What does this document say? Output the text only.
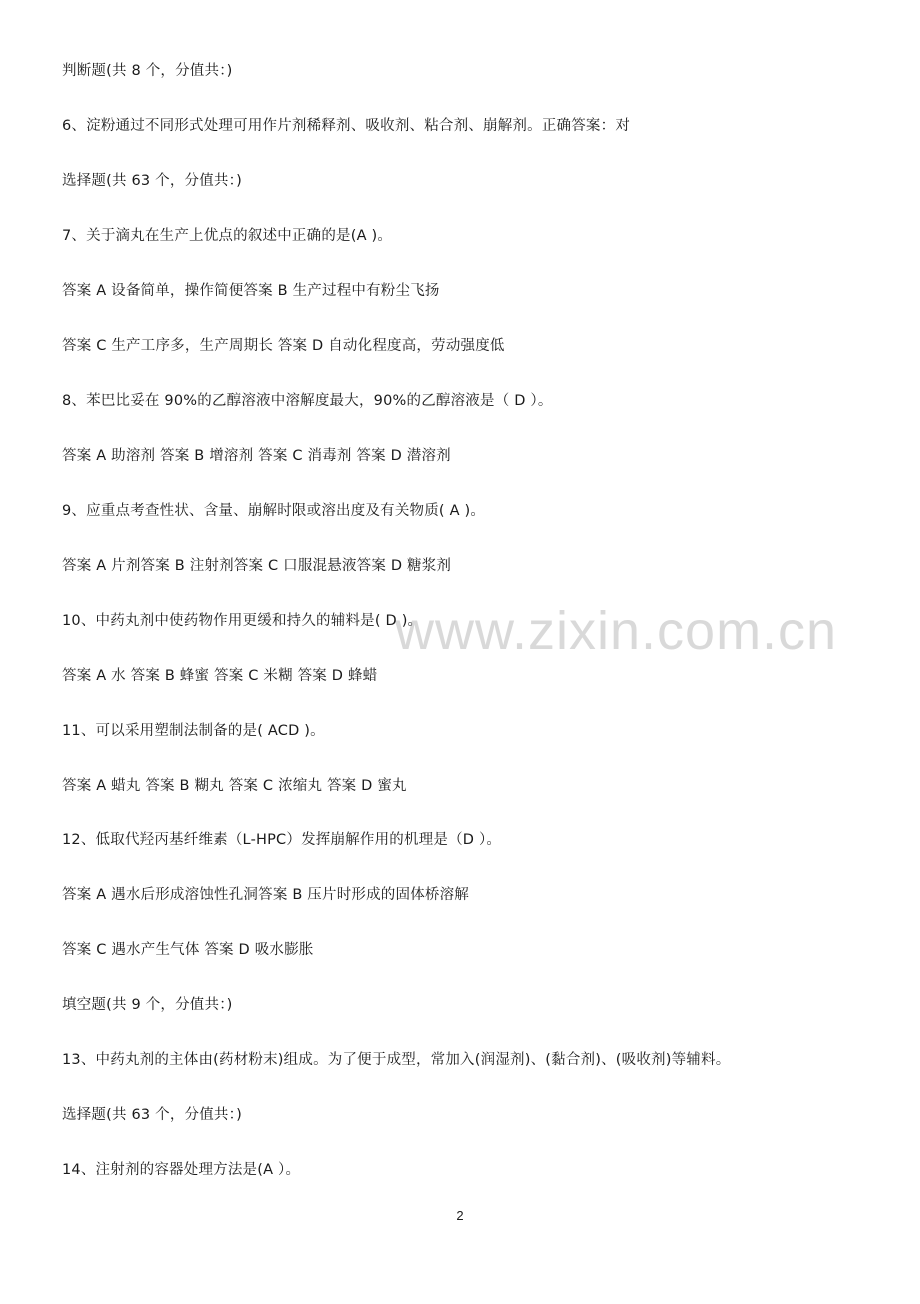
www.zixin.com.cn
判断题(共 8 个，分值共：)
6、淀粉通过不同形式处理可用作片剂稀释剂、吸收剂、粘合剂、崩解剂。正确答案：对
选择题(共 63 个，分值共：)
7、关于滴丸在生产上优点的叙述中正确的是(A )。
答案 A 设备简单，操作简便答案 B 生产过程中有粉尘飞扬
答案 C 生产工序多，生产周期长 答案 D 自动化程度高，劳动强度低
8、苯巴比妥在 90%的乙醇溶液中溶解度最大，90%的乙醇溶液是（ D ）。
答案 A 助溶剂 答案 B 增溶剂 答案 C 消毒剂 答案 D 潜溶剂
9、应重点考查性状、含量、崩解时限或溶出度及有关物质( A )。
答案 A 片剂答案 B 注射剂答案 C 口服混悬液答案 D 糖浆剂
10、中药丸剂中使药物作用更缓和持久的辅料是( D )。
答案 A 水 答案 B 蜂蜜 答案 C 米糊 答案 D 蜂蜡
11、可以采用塑制法制备的是( ACD )。
答案 A 蜡丸 答案 B 糊丸 答案 C 浓缩丸 答案 D 蜜丸
12、低取代羟丙基纤维素（L-HPC）发挥崩解作用的机理是（D ）。
答案 A 遇水后形成溶蚀性孔洞答案 B 压片时形成的固体桥溶解
答案 C 遇水产生气体 答案 D 吸水膨胀
填空题(共 9 个，分值共：)
13、中药丸剂的主体由(药材粉末)组成。为了便于成型，常加入(润湿剂)、(黏合剂)、(吸收剂)等辅料。
选择题(共 63 个，分值共：)
14、注射剂的容器处理方法是(A ）。
2
